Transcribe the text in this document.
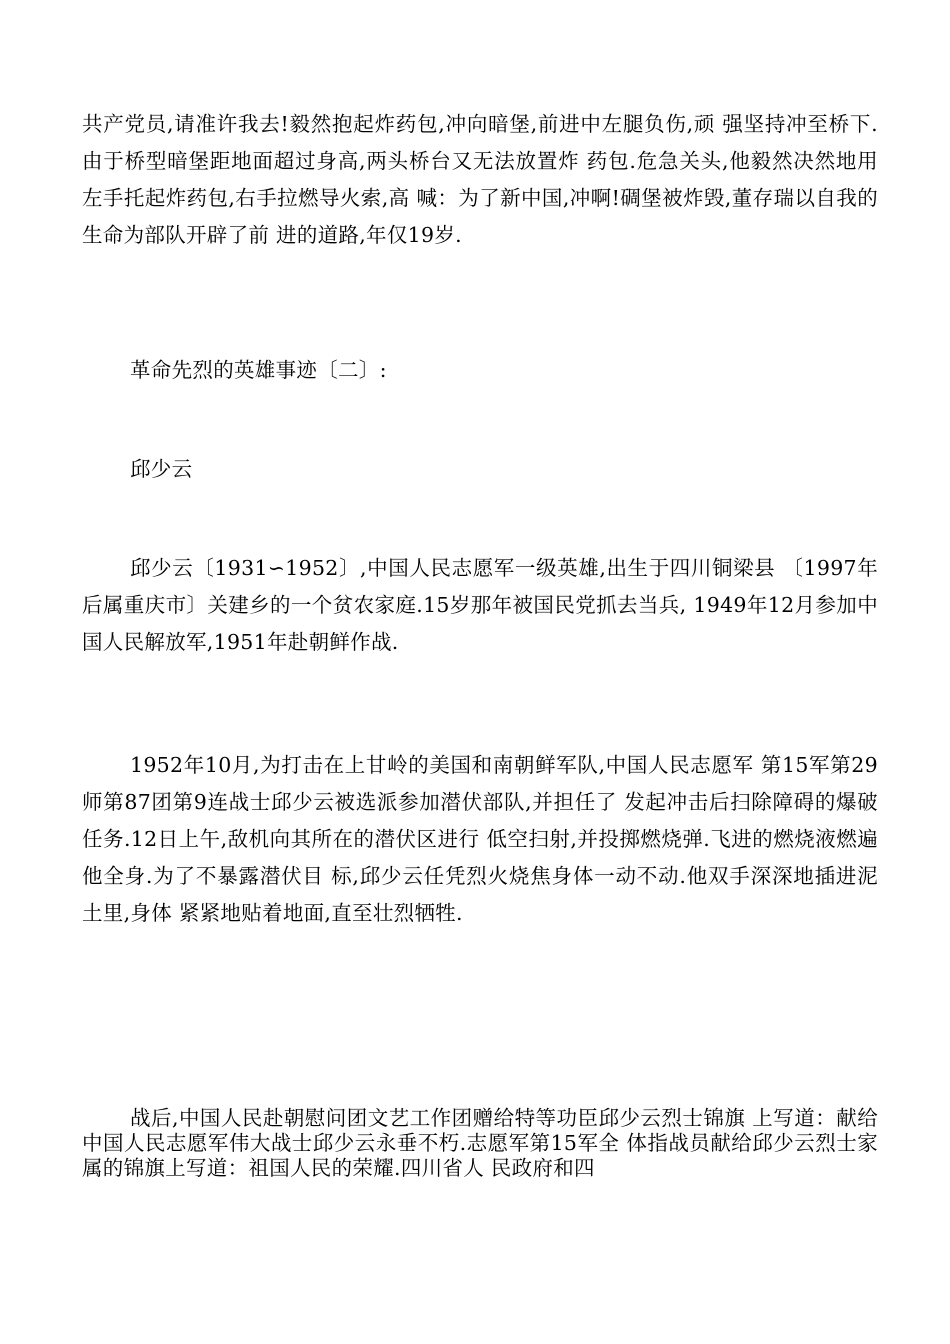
共产党员,请准许我去!毅然抱起炸药包,冲向暗堡,前进中左腿负伤,顽 强坚持冲至桥下.由于桥型暗堡距地面超过身高,两头桥台又无法放置炸 药包.危急关头,他毅然决然地用左手托起炸药包,右手拉燃导火索,高 喊：为了新中国,冲啊!碉堡被炸毁,董存瑞以自我的生命为部队开辟了前 进的道路,年仅19岁.

革命先烈的英雄事迹〔二〕:

邱少云

邱少云〔1931∽1952〕,中国人民志愿军一级英雄,出生于四川铜梁县 〔1997年后属重庆市〕关建乡的一个贫农家庭.15岁那年被国民党抓去当兵, 1949年12月参加中国人民解放军,1951年赴朝鲜作战.

1952年10月,为打击在上甘岭的美国和南朝鲜军队,中国人民志愿军 第15军第29师第87团第9连战士邱少云被选派参加潜伏部队,并担任了 发起冲击后扫除障碍的爆破任务.12日上午,敌机向其所在的潜伏区进行 低空扫射,并投掷燃烧弹.飞进的燃烧液燃遍他全身.为了不暴露潜伏目 标,邱少云任凭烈火烧焦身体一动不动.他双手深深地插进泥土里,身体 紧紧地贴着地面,直至壮烈牺牲.

战后,中国人民赴朝慰问团文艺工作团赠给特等功臣邱少云烈士锦旗 上写道：献给中国人民志愿军伟大战士邱少云永垂不朽.志愿军第15军全 体指战员献给邱少云烈士家属的锦旗上写道：祖国人民的荣耀.四川省人 民政府和四
